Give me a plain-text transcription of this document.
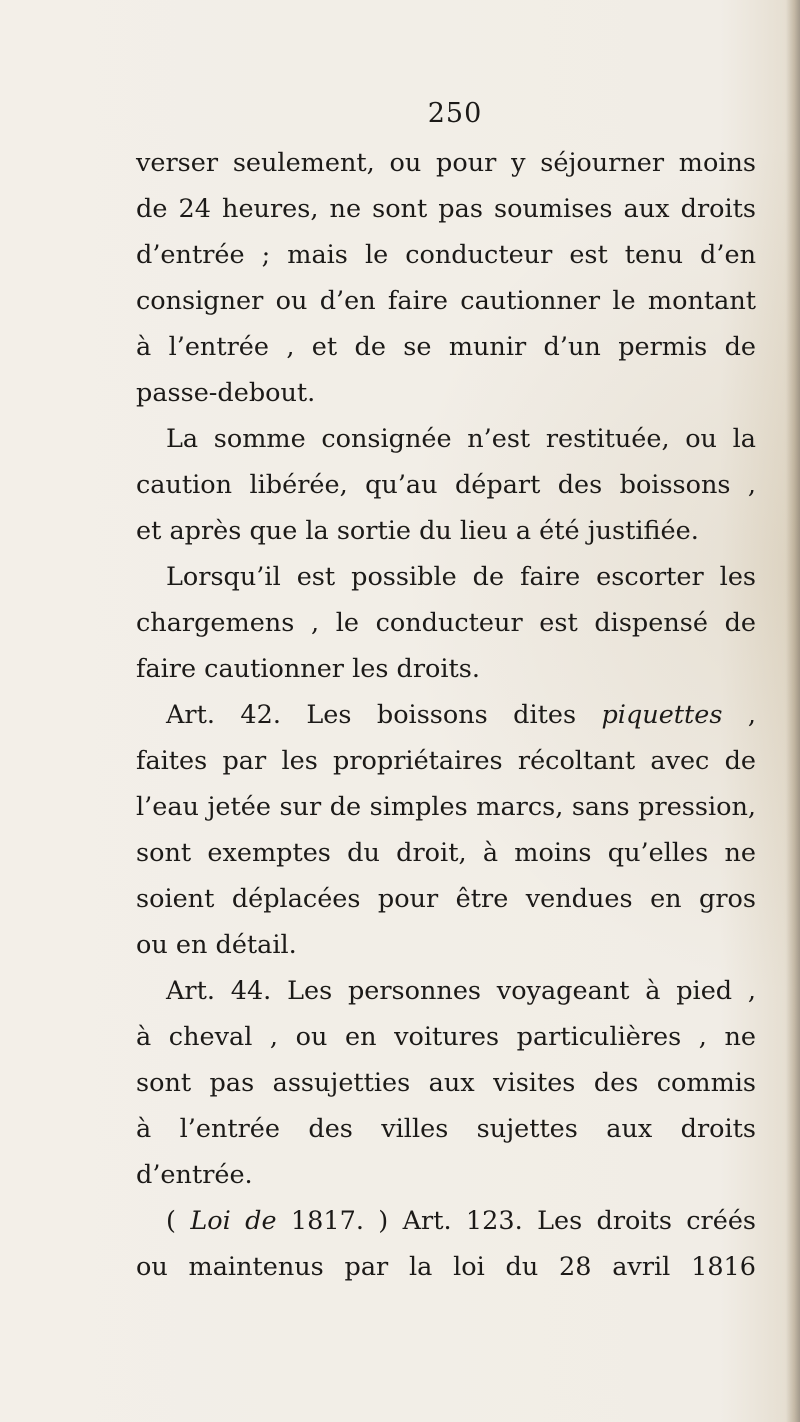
250
verser seulement, ou pour y séjourner moins
de 24 heures, ne sont pas soumises aux droits
d’entrée ; mais le conducteur est tenu d’en
consigner ou d’en faire cautionner le montant
à l’entrée , et de se munir d’un permis de
passe-debout.
La somme consignée n’est restituée, ou la
caution libérée, qu’au départ des boissons ,
et après que la sortie du lieu a été justifiée.
Lorsqu’il est possible de faire escorter les
chargemens , le conducteur est dispensé de
faire cautionner les droits.
Art. 42. Les boissons dites piquettes ,
faites par les propriétaires récoltant avec de
l’eau jetée sur de simples marcs, sans pression,
sont exemptes du droit, à moins qu’elles ne
soient déplacées pour être vendues en gros
ou en détail.
Art. 44. Les personnes voyageant à pied ,
à cheval , ou en voitures particulières , ne
sont pas assujetties aux visites des commis
à l’entrée des villes sujettes aux droits
d’entrée.
( Loi de 1817. ) Art. 123. Les droits créés
ou maintenus par la loi du 28 avril 1816
